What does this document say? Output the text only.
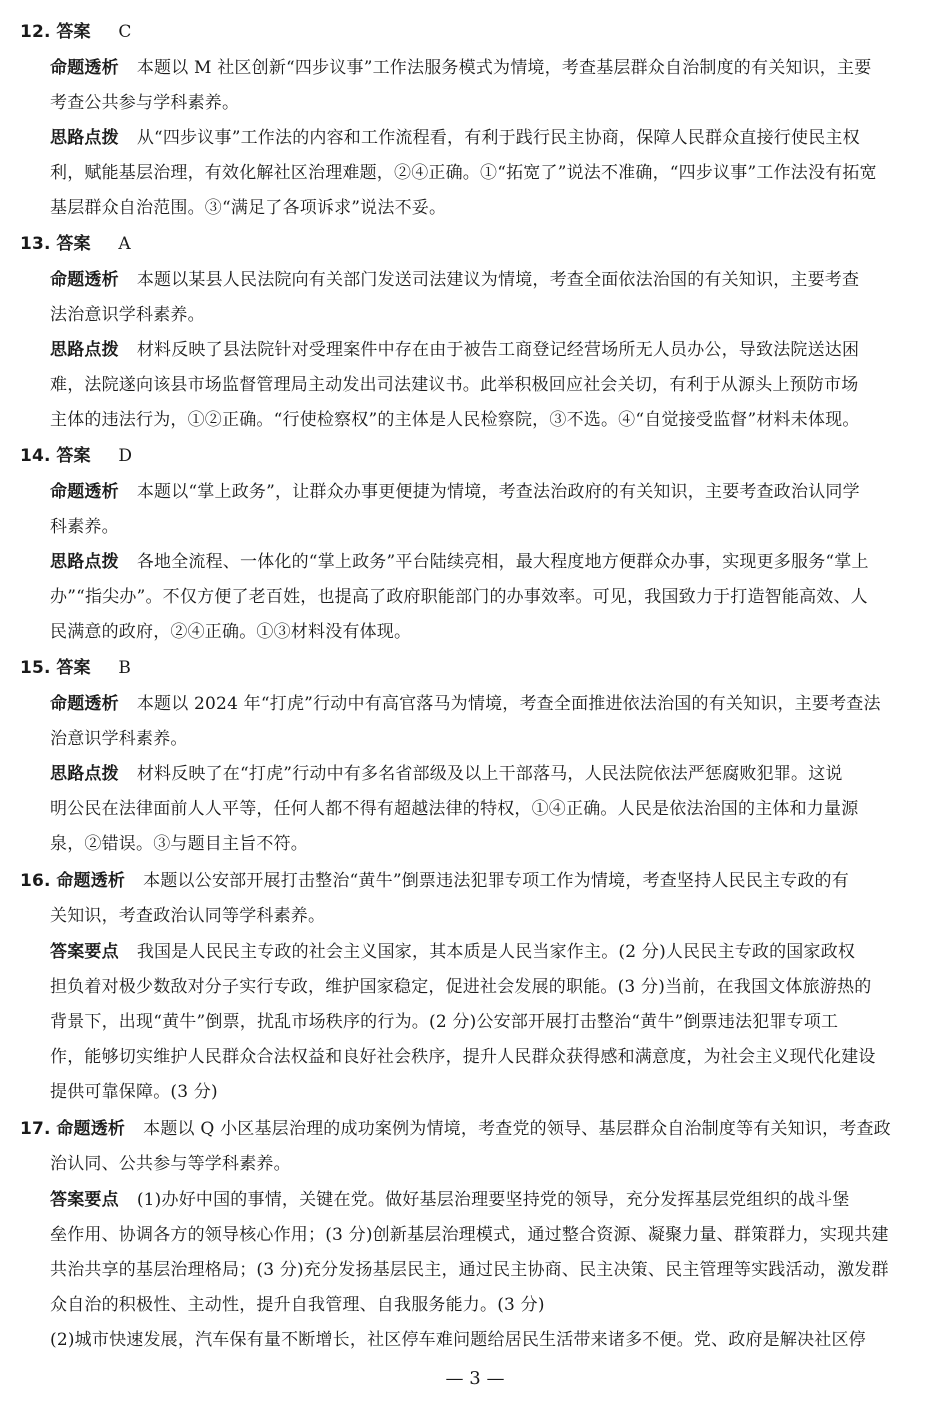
12. 答案 C
命题透析 本题以 M 社区创新“四步议事”工作法服务模式为情境，考查基层群众自治制度的有关知识，主要
考查公共参与学科素养。
思路点拨 从“四步议事”工作法的内容和工作流程看，有利于践行民主协商，保障人民群众直接行使民主权
利，赋能基层治理，有效化解社区治理难题，②④正确。①“拓宽了”说法不准确，“四步议事”工作法没有拓宽
基层群众自治范围。③“满足了各项诉求”说法不妥。
13. 答案 A
命题透析 本题以某县人民法院向有关部门发送司法建议为情境，考查全面依法治国的有关知识，主要考查
法治意识学科素养。
思路点拨 材料反映了县法院针对受理案件中存在由于被告工商登记经营场所无人员办公，导致法院送达困
难，法院遂向该县市场监督管理局主动发出司法建议书。此举积极回应社会关切，有利于从源头上预防市场
主体的违法行为，①②正确。“行使检察权”的主体是人民检察院，③不选。④“自觉接受监督”材料未体现。
14. 答案 D
命题透析 本题以“掌上政务”，让群众办事更便捷为情境，考查法治政府的有关知识，主要考查政治认同学
科素养。
思路点拨 各地全流程、一体化的“掌上政务”平台陆续亮相，最大程度地方便群众办事，实现更多服务“掌上
办”“指尖办”。不仅方便了老百姓，也提高了政府职能部门的办事效率。可见，我国致力于打造智能高效、人
民满意的政府，②④正确。①③材料没有体现。
15. 答案 B
命题透析 本题以 2024 年“打虎”行动中有高官落马为情境，考查全面推进依法治国的有关知识，主要考查法
治意识学科素养。
思路点拨 材料反映了在“打虎”行动中有多名省部级及以上干部落马，人民法院依法严惩腐败犯罪。这说
明公民在法律面前人人平等，任何人都不得有超越法律的特权，①④正确。人民是依法治国的主体和力量源
泉，②错误。③与题目主旨不符。
16. 命题透析 本题以公安部开展打击整治“黄牛”倒票违法犯罪专项工作为情境，考查坚持人民民主专政的有
关知识，考查政治认同等学科素养。
答案要点 我国是人民民主专政的社会主义国家，其本质是人民当家作主。(2 分)人民民主专政的国家政权
担负着对极少数敌对分子实行专政，维护国家稳定，促进社会发展的职能。(3 分)当前，在我国文体旅游热的
背景下，出现“黄牛”倒票，扰乱市场秩序的行为。(2 分)公安部开展打击整治“黄牛”倒票违法犯罪专项工
作，能够切实维护人民群众合法权益和良好社会秩序，提升人民群众获得感和满意度，为社会主义现代化建设
提供可靠保障。(3 分)
17. 命题透析 本题以 Q 小区基层治理的成功案例为情境，考查党的领导、基层群众自治制度等有关知识，考查政
治认同、公共参与等学科素养。
答案要点 (1)办好中国的事情，关键在党。做好基层治理要坚持党的领导，充分发挥基层党组织的战斗堡
垒作用、协调各方的领导核心作用；(3 分)创新基层治理模式，通过整合资源、凝聚力量、群策群力，实现共建
共治共享的基层治理格局；(3 分)充分发扬基层民主，通过民主协商、民主决策、民主管理等实践活动，激发群
众自治的积极性、主动性，提升自我管理、自我服务能力。(3 分)
(2)城市快速发展，汽车保有量不断增长，社区停车难问题给居民生活带来诸多不便。党、政府是解决社区停
— 3 —
